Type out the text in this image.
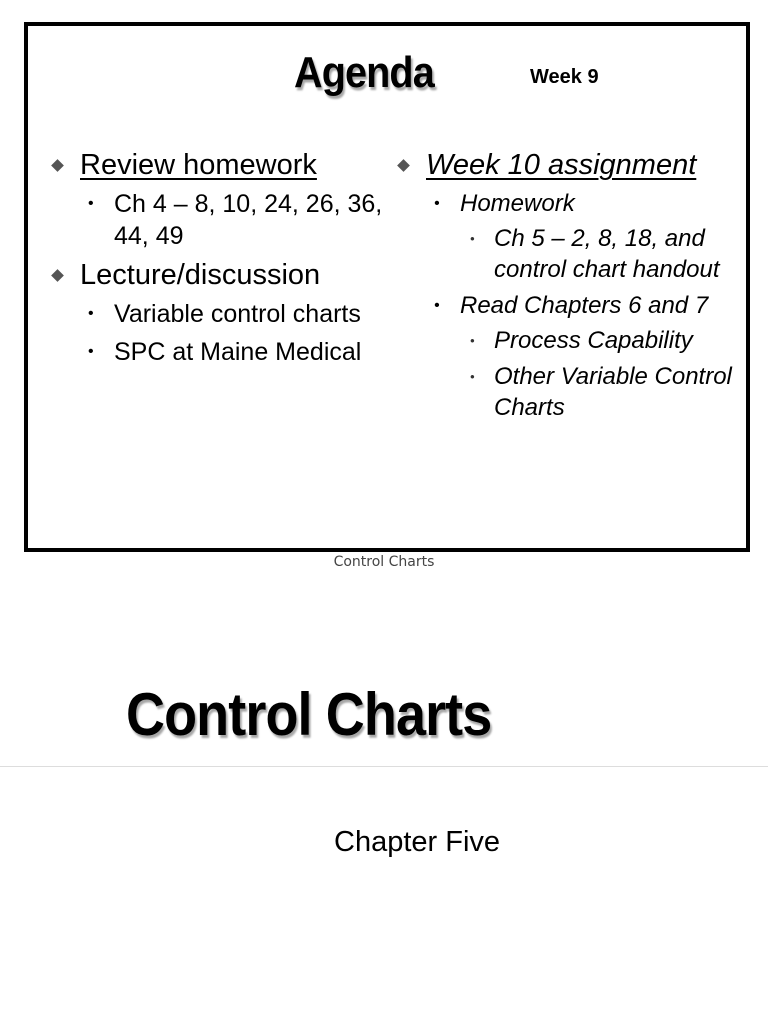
Agenda	Week 9
Review homework
• Ch 4 – 8, 10, 24, 26, 36, 44, 49
Lecture/discussion
• Variable control charts
• SPC at Maine Medical
Week 10 assignment
• Homework
• Ch 5 – 2, 8, 18, and control chart handout
• Read Chapters 6 and 7
• Process Capability
• Other Variable Control Charts
Control Charts
Control Charts
Chapter Five
